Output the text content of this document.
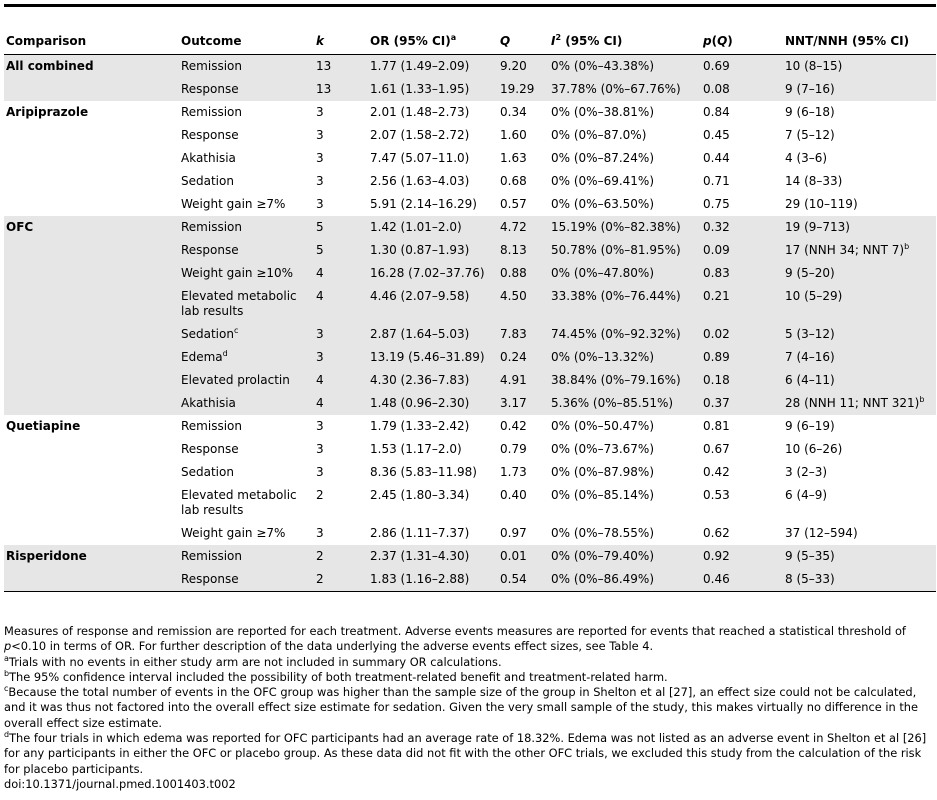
Comparison	Outcome	k	OR (95% CI)$^a$	Q	$I^2$ (95% CI)	p(Q)	NNT/NNH (95% CI)
All combined	Remission	13	1.77 (1.49–2.09)	9.20	0% (0%–43.38%)	0.69	10 (8–15)
	Response	13	1.61 (1.33–1.95)	19.29	37.78% (0%–67.76%)	0.08	9 (7–16)
Aripiprazole	Remission	3	2.01 (1.48–2.73)	0.34	0% (0%–38.81%)	0.84	9 (6–18)
	Response	3	2.07 (1.58–2.72)	1.60	0% (0%–87.0%)	0.45	7 (5–12)
	Akathisia	3	7.47 (5.07–11.0)	1.63	0% (0%–87.24%)	0.44	4 (3–6)
	Sedation	3	2.56 (1.63–4.03)	0.68	0% (0%–69.41%)	0.71	14 (8–33)
	Weight gain ≥7%	3	5.91 (2.14–16.29)	0.57	0% (0%–63.50%)	0.75	29 (10–119)
OFC	Remission	5	1.42 (1.01–2.0)	4.72	15.19% (0%–82.38%)	0.32	19 (9–713)
	Response	5	1.30 (0.87–1.93)	8.13	50.78% (0%–81.95%)	0.09	17 (NNH 34; NNT 7)$^b$
	Weight gain ≥10%	4	16.28 (7.02–37.76)	0.88	0% (0%–47.80%)	0.83	9 (5–20)
	Elevated metabolic lab results	4	4.46 (2.07–9.58)	4.50	33.38% (0%–76.44%)	0.21	10 (5–29)
	Sedation$^c$	3	2.87 (1.64–5.03)	7.83	74.45% (0%–92.32%)	0.02	5 (3–12)
	Edema$^d$	3	13.19 (5.46–31.89)	0.24	0% (0%–13.32%)	0.89	7 (4–16)
	Elevated prolactin	4	4.30 (2.36–7.83)	4.91	38.84% (0%–79.16%)	0.18	6 (4–11)
	Akathisia	4	1.48 (0.96–2.30)	3.17	5.36% (0%–85.51%)	0.37	28 (NNH 11; NNT 321)$^b$
Quetiapine	Remission	3	1.79 (1.33–2.42)	0.42	0% (0%–50.47%)	0.81	9 (6–19)
	Response	3	1.53 (1.17–2.0)	0.79	0% (0%–73.67%)	0.67	10 (6–26)
	Sedation	3	8.36 (5.83–11.98)	1.73	0% (0%–87.98%)	0.42	3 (2–3)
	Elevated metabolic lab results	2	2.45 (1.80–3.34)	0.40	0% (0%–85.14%)	0.53	6 (4–9)
	Weight gain ≥7%	3	2.86 (1.11–7.37)	0.97	0% (0%–78.55%)	0.62	37 (12–594)
Risperidone	Remission	2	2.37 (1.31–4.30)	0.01	0% (0%–79.40%)	0.92	9 (5–35)
	Response	2	1.83 (1.16–2.88)	0.54	0% (0%–86.49%)	0.46	8 (5–33)

Measures of response and remission are reported for each treatment. Adverse events measures are reported for events that reached a statistical threshold of p<0.10 in terms of OR. For further description of the data underlying the adverse events effect sizes, see Table 4.

$^a$Trials with no events in either study arm are not included in summary OR calculations.

$^b$The 95% confidence interval included the possibility of both treatment-related benefit and treatment-related harm.

$^c$Because the total number of events in the OFC group was higher than the sample size of the group in Shelton et al [27], an effect size could not be calculated, and it was thus not factored into the overall effect size estimate for sedation. Given the very small sample of the study, this makes virtually no difference in the overall effect size estimate.

$^d$The four trials in which edema was reported for OFC participants had an average rate of 18.32%. Edema was not listed as an adverse event in Shelton et al [26] for any participants in either the OFC or placebo group. As these data did not fit with the other OFC trials, we excluded this study from the calculation of the risk for placebo participants.

doi:10.1371/journal.pmed.1001403.t002
